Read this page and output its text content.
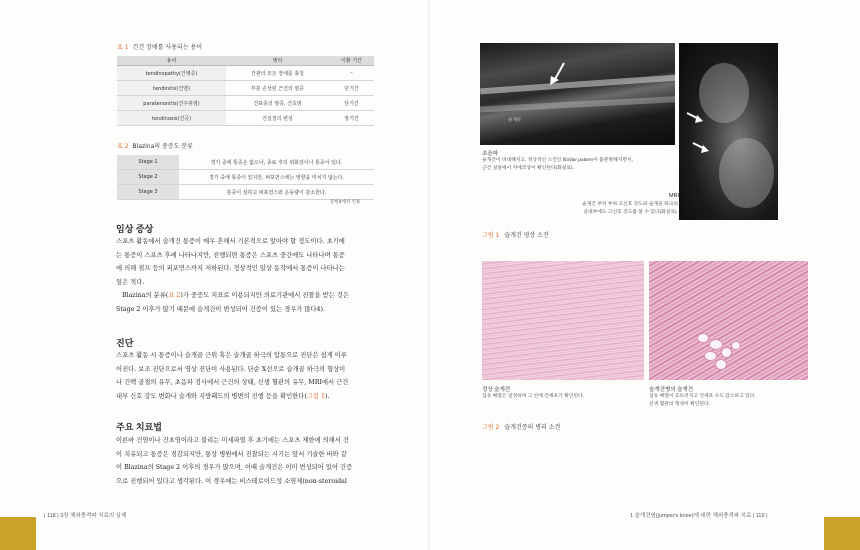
표 1 건건 장애를 사용되는 용어
용어	병리	이환 기간
tendinopathy(건병증)	건관의 모든 장애를 총칭	–
tendinitis(건염)	부분 손상된 근건의 염증	단기간
paratenonitis(건주위염)	건표층의 염증, 건초염	단기간
tendinosis(건증)	건실질의 변성	장기간
표 2 Blazina의 중증도 분류
Stage 1	경기 중에 통증은 없으나, 종료 후의 위화감이나 통증이 있다.
Stage 2	경기 중에 통증이 있지만, 퍼포먼스에는 영향을 미치지 않는다.
Stage 3	통증이 심하고 퍼포먼스와 운동량이 감소한다.
문헌4에서 인용
임상 증상

스포츠 활동에서 슬개건 통증이 매우 흔해서 기본적으로 앞아야 할 정도이다. 초기에

는 통증이 스포츠 후에 나타나지만, 진행되면 통증은 스포츠 중간에도 나타나며 통증

에 의해 점프 등의 퍼포먼스까지 저하된다. 정상적인 일상 동작에서 통증이 나타나는

일은 적다.

Blazina의 분류(표 2)가 중증도 지표로 이용되지만 의료기관에서 진찰을 받는 것은

Stage 2 이후가 많기 때문에 슬개건이 변성되어 건증이 있는 경우가 많다4).

진단

스포츠 활동 시 통증이나 슬개골 근위 혹은 슬개골 하극의 압통으로 진단은 쉽게 이루

어진다. 보조 진단으로서 영상 진단이 사용된다. 단순 X선으로 슬개골 하극의 형상이

나 건핵 골절의 유무, 초음파 검사에서 근건의 상태, 신생 혈관의 유무, MRI에서 근건

내부 신호 강도 변화나 슬개와 지방패드의 병변의 진행 등을 확인한다(그림 1).

주요 치료법

이른바 건염이나 건초염이라고 불리는 미세파열 후 초기에는 스포츠 제한에 의해서 건

이 치유되고 통증은 경감되지만, 통상 병원에서 진찰되는 시기는 앞서 기술한 바와 같

이 Blazina의 Stage 2 이후의 경우가 많으며, 이때 슬개건은 이미 변성되어 있어 건증

으로 진행되어 있다고 생각된다. 이 경우에는 비스테로이드성 소염제(non-steroidal

| 118 | 3장 체외충격파 치료의 실제
슬개골
초음파
슬개건이 비대해지고, 정상적인 소건인 fibrillar pattern이 불분명해지면서,
근건 실질에서 저에코상이 확인된다(화살표).
MRI
슬개건 부착 부위 고신호 강도와 슬개골 하극의
골내부에도 고신호 강도를 볼 수 있다(화살표).
그림 1 슬개건 영상 소견
정상 슬개건
섬유 배열은 일정하며 그 안에 건세포가 확인된다.
슬개건병의 슬개건
섬유 배열이 흐트러지고 건세포 수도 감소하고 있다.
신생 혈관의 형성이 확인된다.
그림 2 슬개건증의 병리 소견
1 슬개건염(jumper's knee)에 대한 체외충격파 치료 | 119 |
